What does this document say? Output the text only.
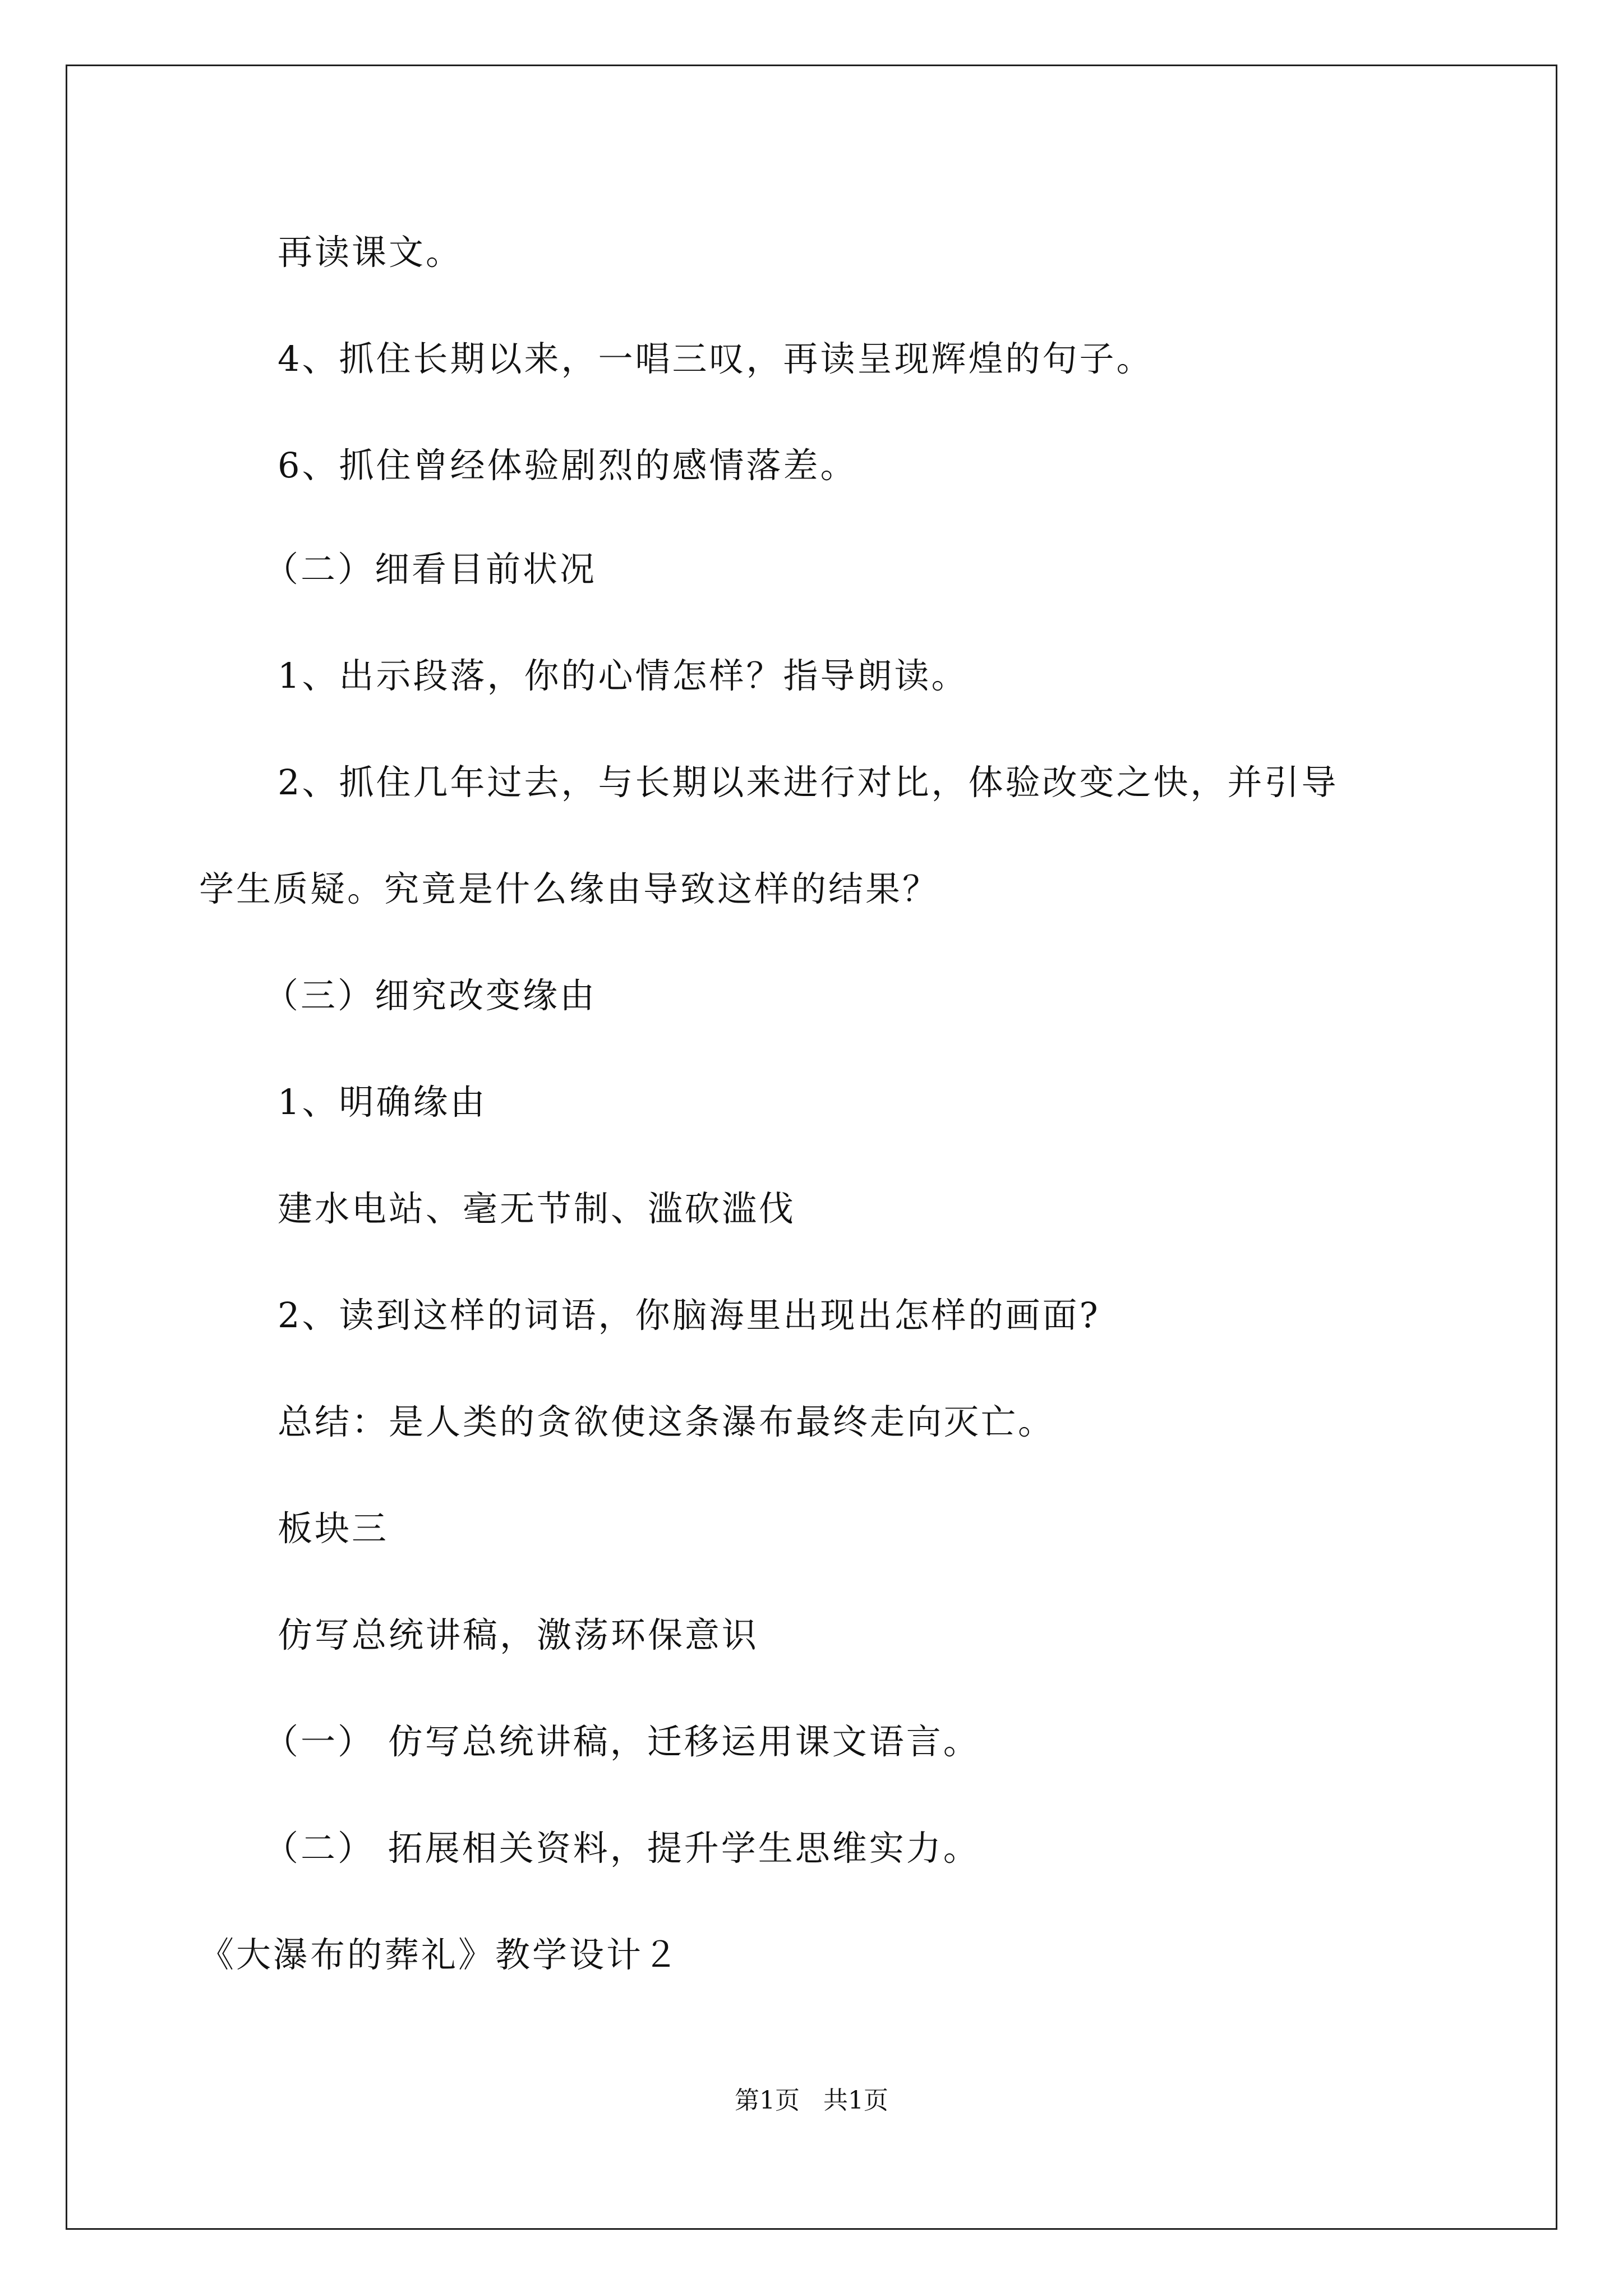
再读课文。
4、抓住长期以来，一唱三叹，再读呈现辉煌的句子。
6、抓住曾经体验剧烈的感情落差。
（二）细看目前状况
1、出示段落，你的心情怎样？指导朗读。
2、抓住几年过去，与长期以来进行对比，体验改变之快，并引导
学生质疑。究竟是什么缘由导致这样的结果？
（三）细究改变缘由
1、明确缘由
建水电站、毫无节制、滥砍滥伐
2、读到这样的词语，你脑海里出现出怎样的画面?
总结：是人类的贪欲使这条瀑布最终走向灭亡。
板块三
仿写总统讲稿，激荡环保意识
（一） 仿写总统讲稿，迁移运用课文语言。
（二） 拓展相关资料，提升学生思维实力。
《大瀑布的葬礼》教学设计２
第1页   共1页
